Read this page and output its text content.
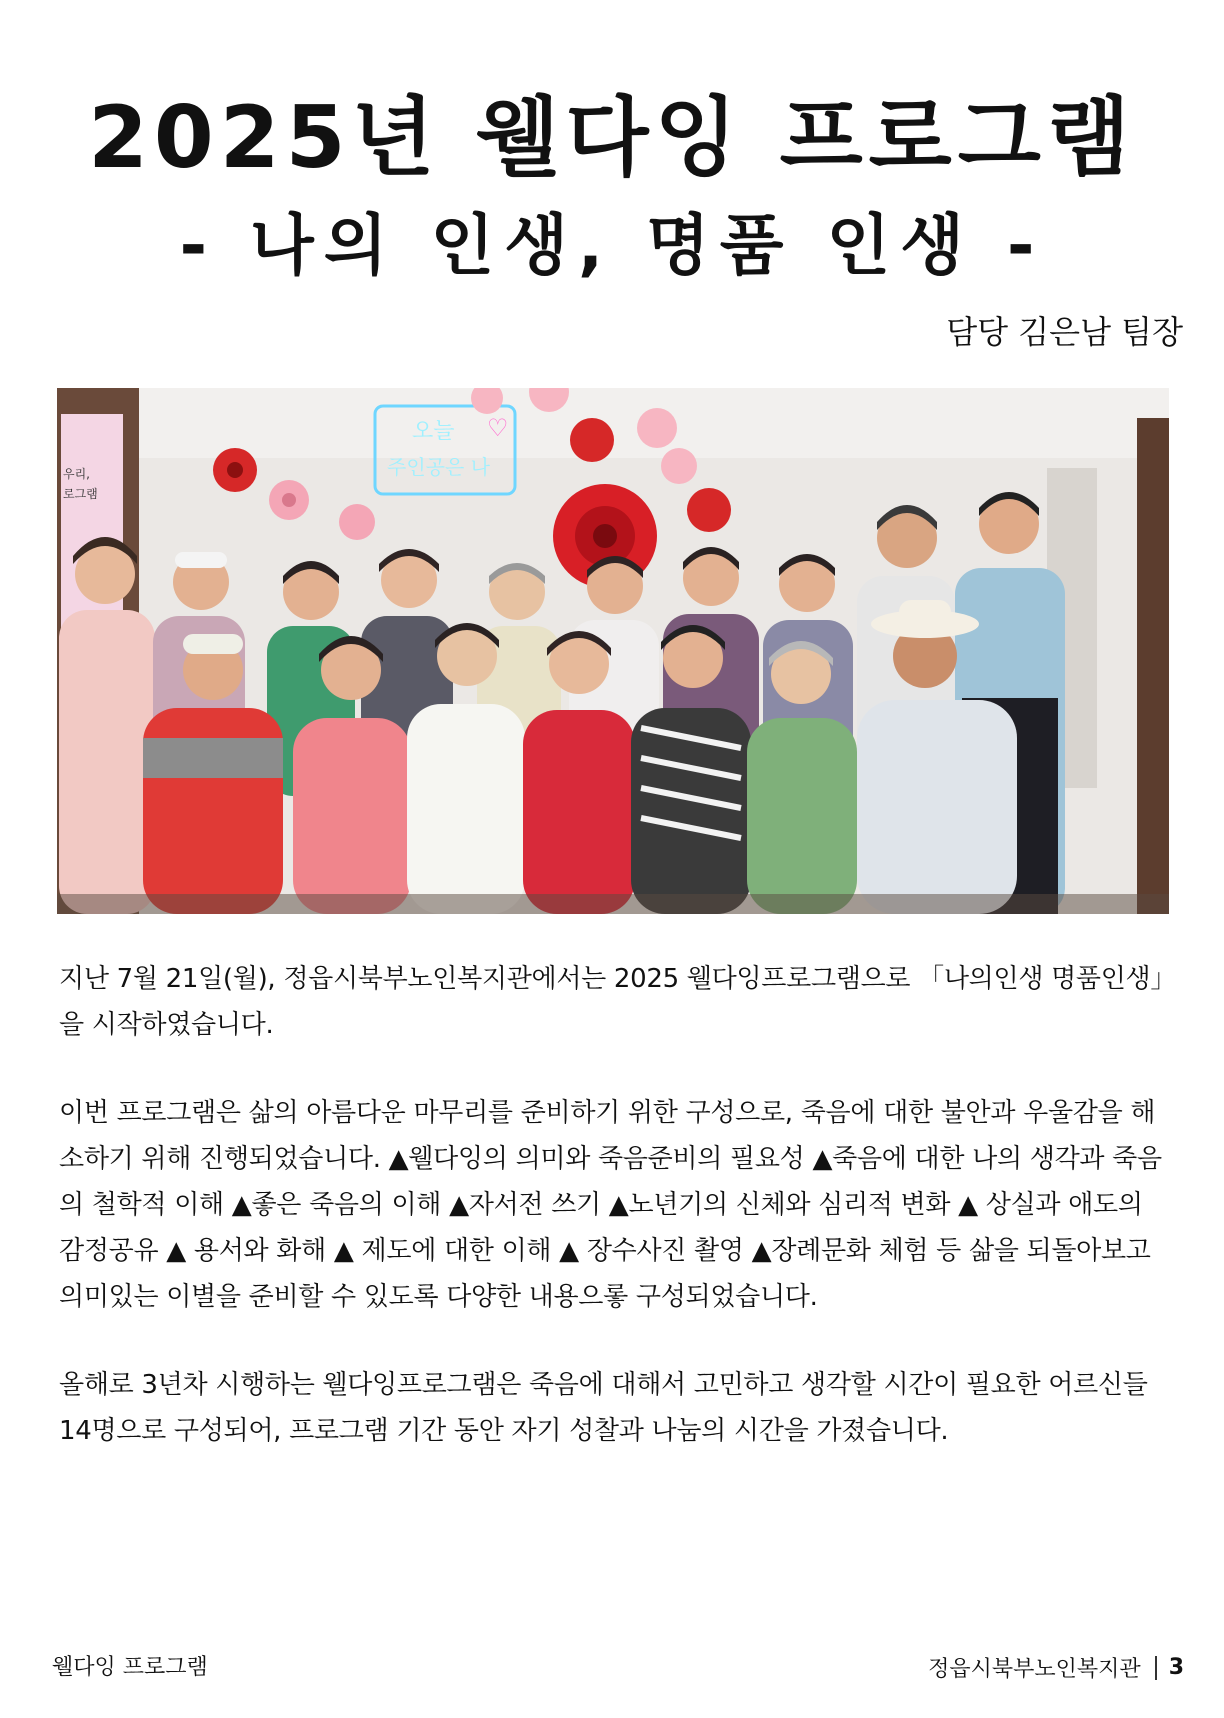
2025년 웰다잉 프로그램
- 나의 인생, 명품 인생 -
담당 김은남 팀장
우리,
로그램
오늘 ♡
주인공은 나

지난 7월 21일(월), 정읍시북부노인복지관에서는 2025 웰다잉프로그램으로 「나의인생 명품인생」을 시작하였습니다.

이번 프로그램은 삶의 아름다운 마무리를 준비하기 위한 구성으로, 죽음에 대한 불안과 우울감을 해소하기 위해 진행되었습니다. ▲웰다잉의 의미와 죽음준비의 필요성 ▲죽음에 대한 나의 생각과 죽음의 철학적 이해 ▲좋은 죽음의 이해 ▲자서전 쓰기 ▲노년기의 신체와 심리적 변화 ▲ 상실과 애도의 감정공유 ▲ 용서와 화해 ▲ 제도에 대한 이해 ▲ 장수사진 촬영 ▲장례문화 체험 등 삶을 되돌아보고 의미있는 이별을 준비할 수 있도록 다양한 내용으롷 구성되었습니다.

올해로 3년차 시행하는 웰다잉프로그램은 죽음에 대해서 고민하고 생각할 시간이 필요한 어르신들 14명으로 구성되어, 프로그램 기간 동안 자기 성찰과 나눔의 시간을 가졌습니다.

웰다잉 프로그램	정읍시북부노인복지관 3
